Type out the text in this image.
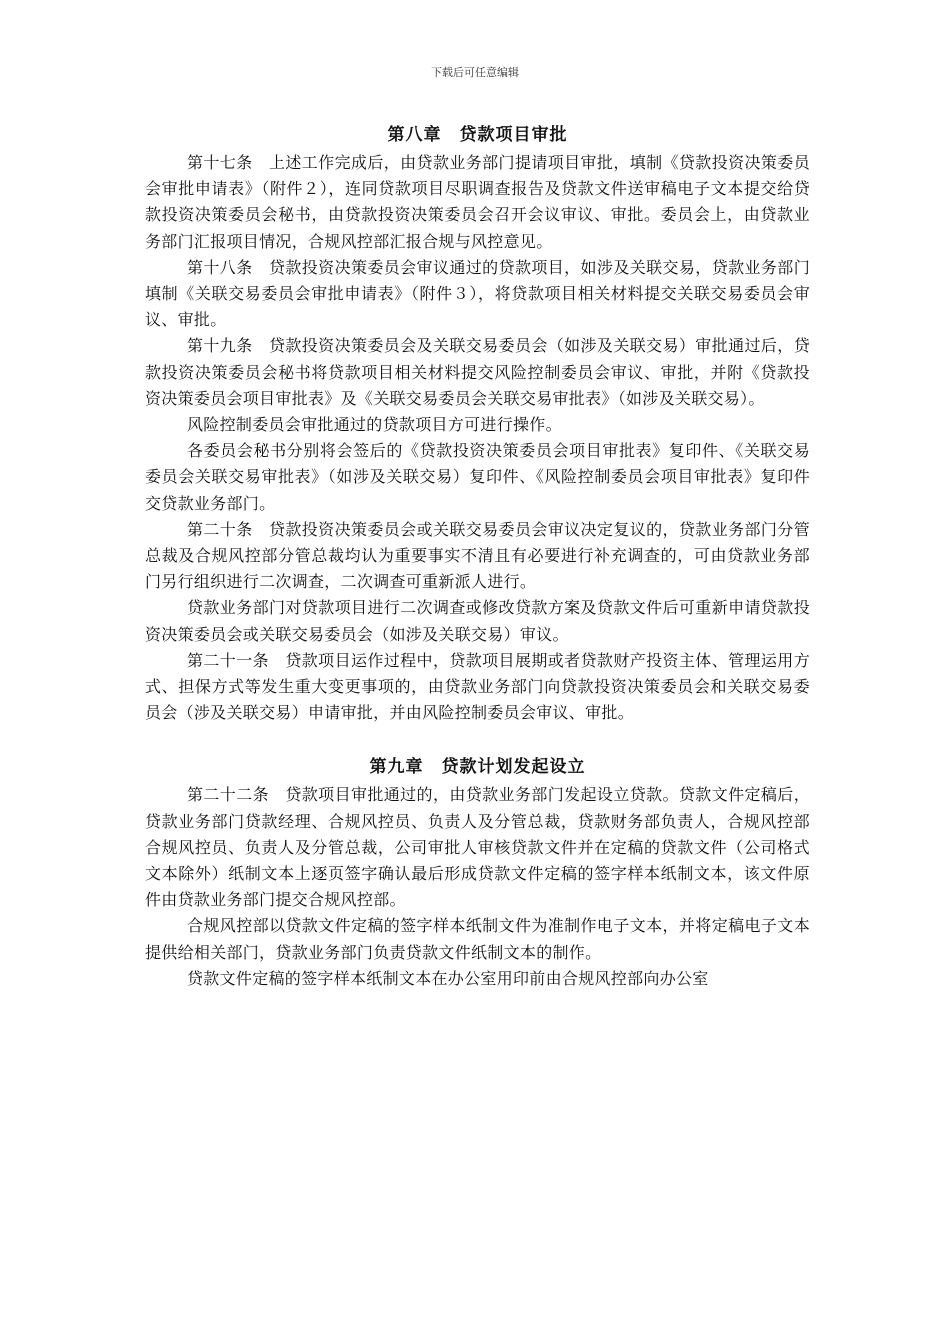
下载后可任意编辑
第八章　贷款项目审批

第十七条　上述工作完成后，由贷款业务部门提请项目审批，填制《贷款投资决策委员会审批申请表》（附件２），连同贷款项目尽职调查报告及贷款文件送审稿电子文本提交给贷款投资决策委员会秘书，由贷款投资决策委员会召开会议审议、审批。委员会上，由贷款业务部门汇报项目情况，合规风控部汇报合规与风控意见。

第十八条　贷款投资决策委员会审议通过的贷款项目，如涉及关联交易，贷款业务部门填制《关联交易委员会审批申请表》（附件３），将贷款项目相关材料提交关联交易委员会审议、审批。

第十九条　贷款投资决策委员会及关联交易委员会（如涉及关联交易）审批通过后，贷款投资决策委员会秘书将贷款项目相关材料提交风险控制委员会审议、审批，并附《贷款投资决策委员会项目审批表》及《关联交易委员会关联交易审批表》（如涉及关联交易）。

风险控制委员会审批通过的贷款项目方可进行操作。

各委员会秘书分别将会签后的《贷款投资决策委员会项目审批表》复印件、《关联交易委员会关联交易审批表》（如涉及关联交易）复印件、《风险控制委员会项目审批表》复印件交贷款业务部门。

第二十条　贷款投资决策委员会或关联交易委员会审议决定复议的，贷款业务部门分管总裁及合规风控部分管总裁均认为重要事实不清且有必要进行补充调查的，可由贷款业务部门另行组织进行二次调查，二次调查可重新派人进行。

贷款业务部门对贷款项目进行二次调查或修改贷款方案及贷款文件后可重新申请贷款投资决策委员会或关联交易委员会（如涉及关联交易）审议。

第二十一条　贷款项目运作过程中，贷款项目展期或者贷款财产投资主体、管理运用方式、担保方式等发生重大变更事项的，由贷款业务部门向贷款投资决策委员会和关联交易委员会（涉及关联交易）申请审批，并由风险控制委员会审议、审批。

第九章　贷款计划发起设立

第二十二条　贷款项目审批通过的，由贷款业务部门发起设立贷款。贷款文件定稿后，贷款业务部门贷款经理、合规风控员、负责人及分管总裁，贷款财务部负责人，合规风控部合规风控员、负责人及分管总裁，公司审批人审核贷款文件并在定稿的贷款文件（公司格式文本除外）纸制文本上逐页签字确认最后形成贷款文件定稿的签字样本纸制文本，该文件原件由贷款业务部门提交合规风控部。

合规风控部以贷款文件定稿的签字样本纸制文件为准制作电子文本，并将定稿电子文本提供给相关部门，贷款业务部门负责贷款文件纸制文本的制作。

贷款文件定稿的签字样本纸制文本在办公室用印前由合规风控部向办公室
